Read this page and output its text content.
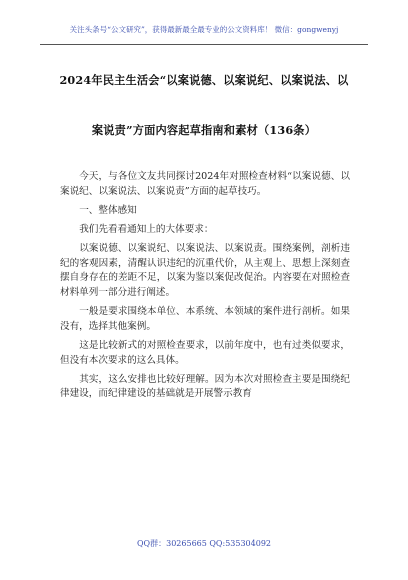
关注头条号“公文研究”，获得最新最全最专业的公文资料库！ 微信：gongwenyj
2024年民主生活会“以案说德、以案说纪、以案说法、以
案说责”方面内容起草指南和素材（136条）

今天，与各位文友共同探讨2024年对照检查材料“以案说德、以案说纪、以案说法、以案说责”方面的起草技巧。

一、整体感知

我们先看看通知上的大体要求：

以案说德、以案说纪、以案说法、以案说责。围绕案例，剖析违纪的客观因素，清醒认识违纪的沉重代价，从主观上、思想上深刻查摆自身存在的差距不足，以案为鉴以案促改促治。内容要在对照检查材料单列一部分进行阐述。

一般是要求围绕本单位、本系统、本领域的案件进行剖析。如果没有，选择其他案例。

这是比较新式的对照检查要求，以前年度中，也有过类似要求，但没有本次要求的这么具体。

其实，这么安排也比较好理解。因为本次对照检查主要是围绕纪律建设，而纪律建设的基础就是开展警示教育

QQ群：30265665 QQ:535304092
